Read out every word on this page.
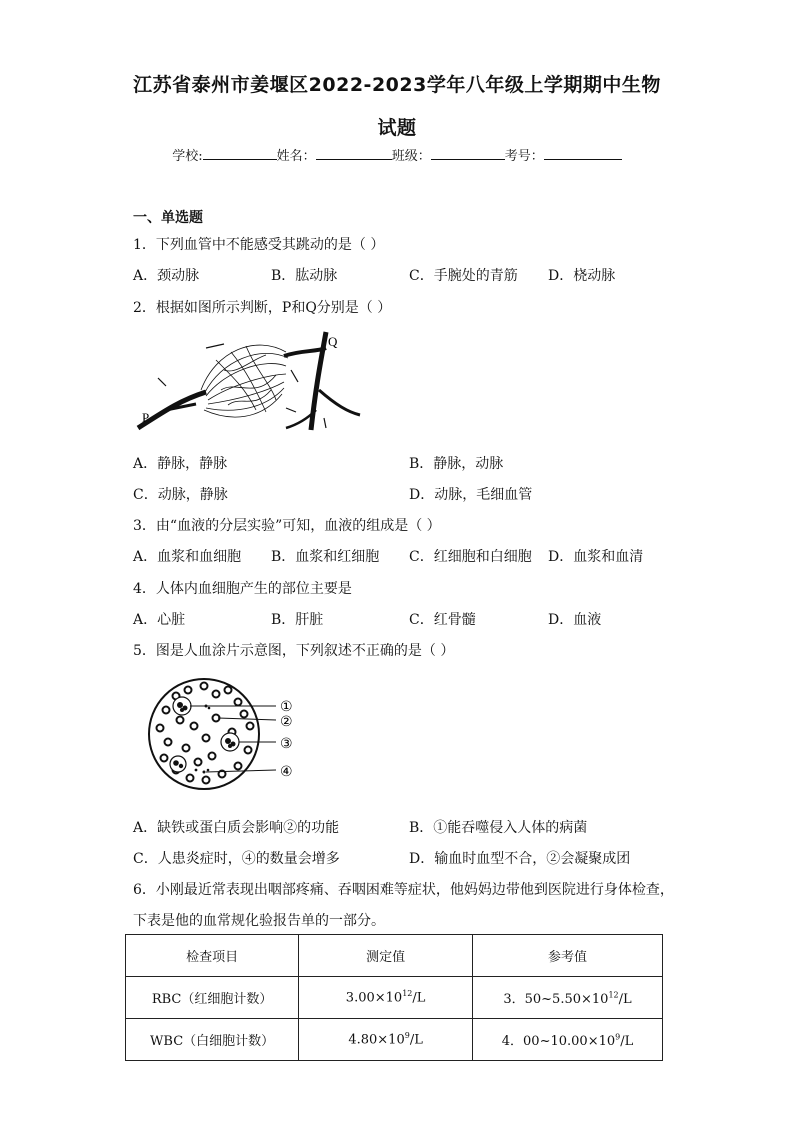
江苏省泰州市姜堰区2022-2023学年八年级上学期期中生物
试题
学校:	姓名：	班级：	考号：
一、单选题
1．下列血管中不能感受其跳动的是（ ）
A．颈动脉	B．肱动脉	C．手腕处的青筋 D．桡动脉
2．根据如图所示判断，P和Q分别是（ ）
P
Q
A．静脉，静脉	B．静脉，动脉
C．动脉，静脉	D．动脉，毛细血管
3．由“血液的分层实验”可知，血液的组成是（ ）
A．血浆和血细胞 B．血浆和红细胞 C．红细胞和白细胞 D．血浆和血清
4．人体内血细胞产生的部位主要是
A．心脏	B．肝脏	C．红骨髓	D．血液
5．图是人血涂片示意图，下列叙述不正确的是（ ）
①
②
③
④
A．缺铁或蛋白质会影响②的功能	B．①能吞噬侵入人体的病菌
C．人患炎症时，④的数量会增多	D．输血时血型不合，②会凝聚成团
6．小刚最近常表现出咽部疼痛、吞咽困难等症状，他妈妈边带他到医院进行身体检查，
下表是他的血常规化验报告单的一部分。
检查项目	测定值	参考值
RBC（红细胞计数）	$3.00\times 10^{12}/L$	3．$50\sim 5.50\times 10^{12}/L$
WBC（白细胞计数）	$4.80\times 10^9/L$	4．$00\sim 10.00\times 10^9/L$
